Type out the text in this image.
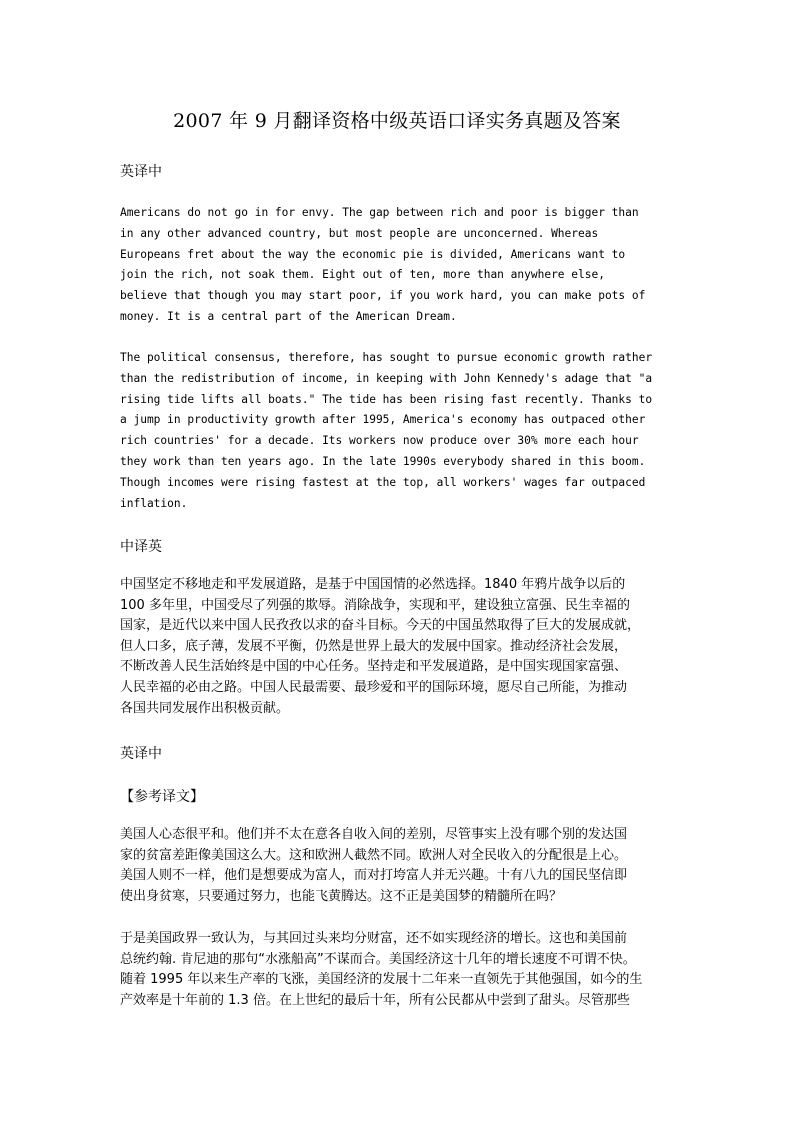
2007 年 9 月翻译资格中级英语口译实务真题及答案
英译中
Americans do not go in for envy. The gap between rich and poor is bigger than
in any other advanced country, but most people are unconcerned. Whereas
Europeans fret about the way the economic pie is divided, Americans want to
join the rich, not soak them. Eight out of ten, more than anywhere else,
believe that though you may start poor, if you work hard, you can make pots of
money. It is a central part of the American Dream.
The political consensus, therefore, has sought to pursue economic growth rather
than the redistribution of income, in keeping with John Kennedy's adage that "a
rising tide lifts all boats." The tide has been rising fast recently. Thanks to
a jump in productivity growth after 1995, America's economy has outpaced other
rich countries' for a decade. Its workers now produce over 30% more each hour
they work than ten years ago. In the late 1990s everybody shared in this boom.
Though incomes were rising fastest at the top, all workers' wages far outpaced
inflation.
中译英
中国坚定不移地走和平发展道路，是基于中国国情的必然选择。1840 年鸦片战争以后的
100 多年里，中国受尽了列强的欺辱。消除战争，实现和平，建设独立富强、民生幸福的
国家，是近代以来中国人民孜孜以求的奋斗目标。今天的中国虽然取得了巨大的发展成就，
但人口多，底子薄，发展不平衡，仍然是世界上最大的发展中国家。推动经济社会发展，
不断改善人民生活始终是中国的中心任务。坚持走和平发展道路，是中国实现国家富强、
人民幸福的必由之路。中国人民最需要、最珍爱和平的国际环境，愿尽自己所能，为推动
各国共同发展作出积极贡献。
英译中
【参考译文】
美国人心态很平和。他们并不太在意各自收入间的差别，尽管事实上没有哪个别的发达国
家的贫富差距像美国这么大。这和欧洲人截然不同。欧洲人对全民收入的分配很是上心。
美国人则不一样，他们是想要成为富人，而对打垮富人并无兴趣。十有八九的国民坚信即
使出身贫寒，只要通过努力，也能飞黄腾达。这不正是美国梦的精髓所在吗？
于是美国政界一致认为，与其回过头来均分财富，还不如实现经济的增长。这也和美国前
总统约翰. 肯尼迪的那句“水涨船高”不谋而合。美国经济这十几年的增长速度不可谓不快。
随着 1995 年以来生产率的飞涨，美国经济的发展十二年来一直领先于其他强国，如今的生
产效率是十年前的 1.3 倍。在上世纪的最后十年，所有公民都从中尝到了甜头。尽管那些
